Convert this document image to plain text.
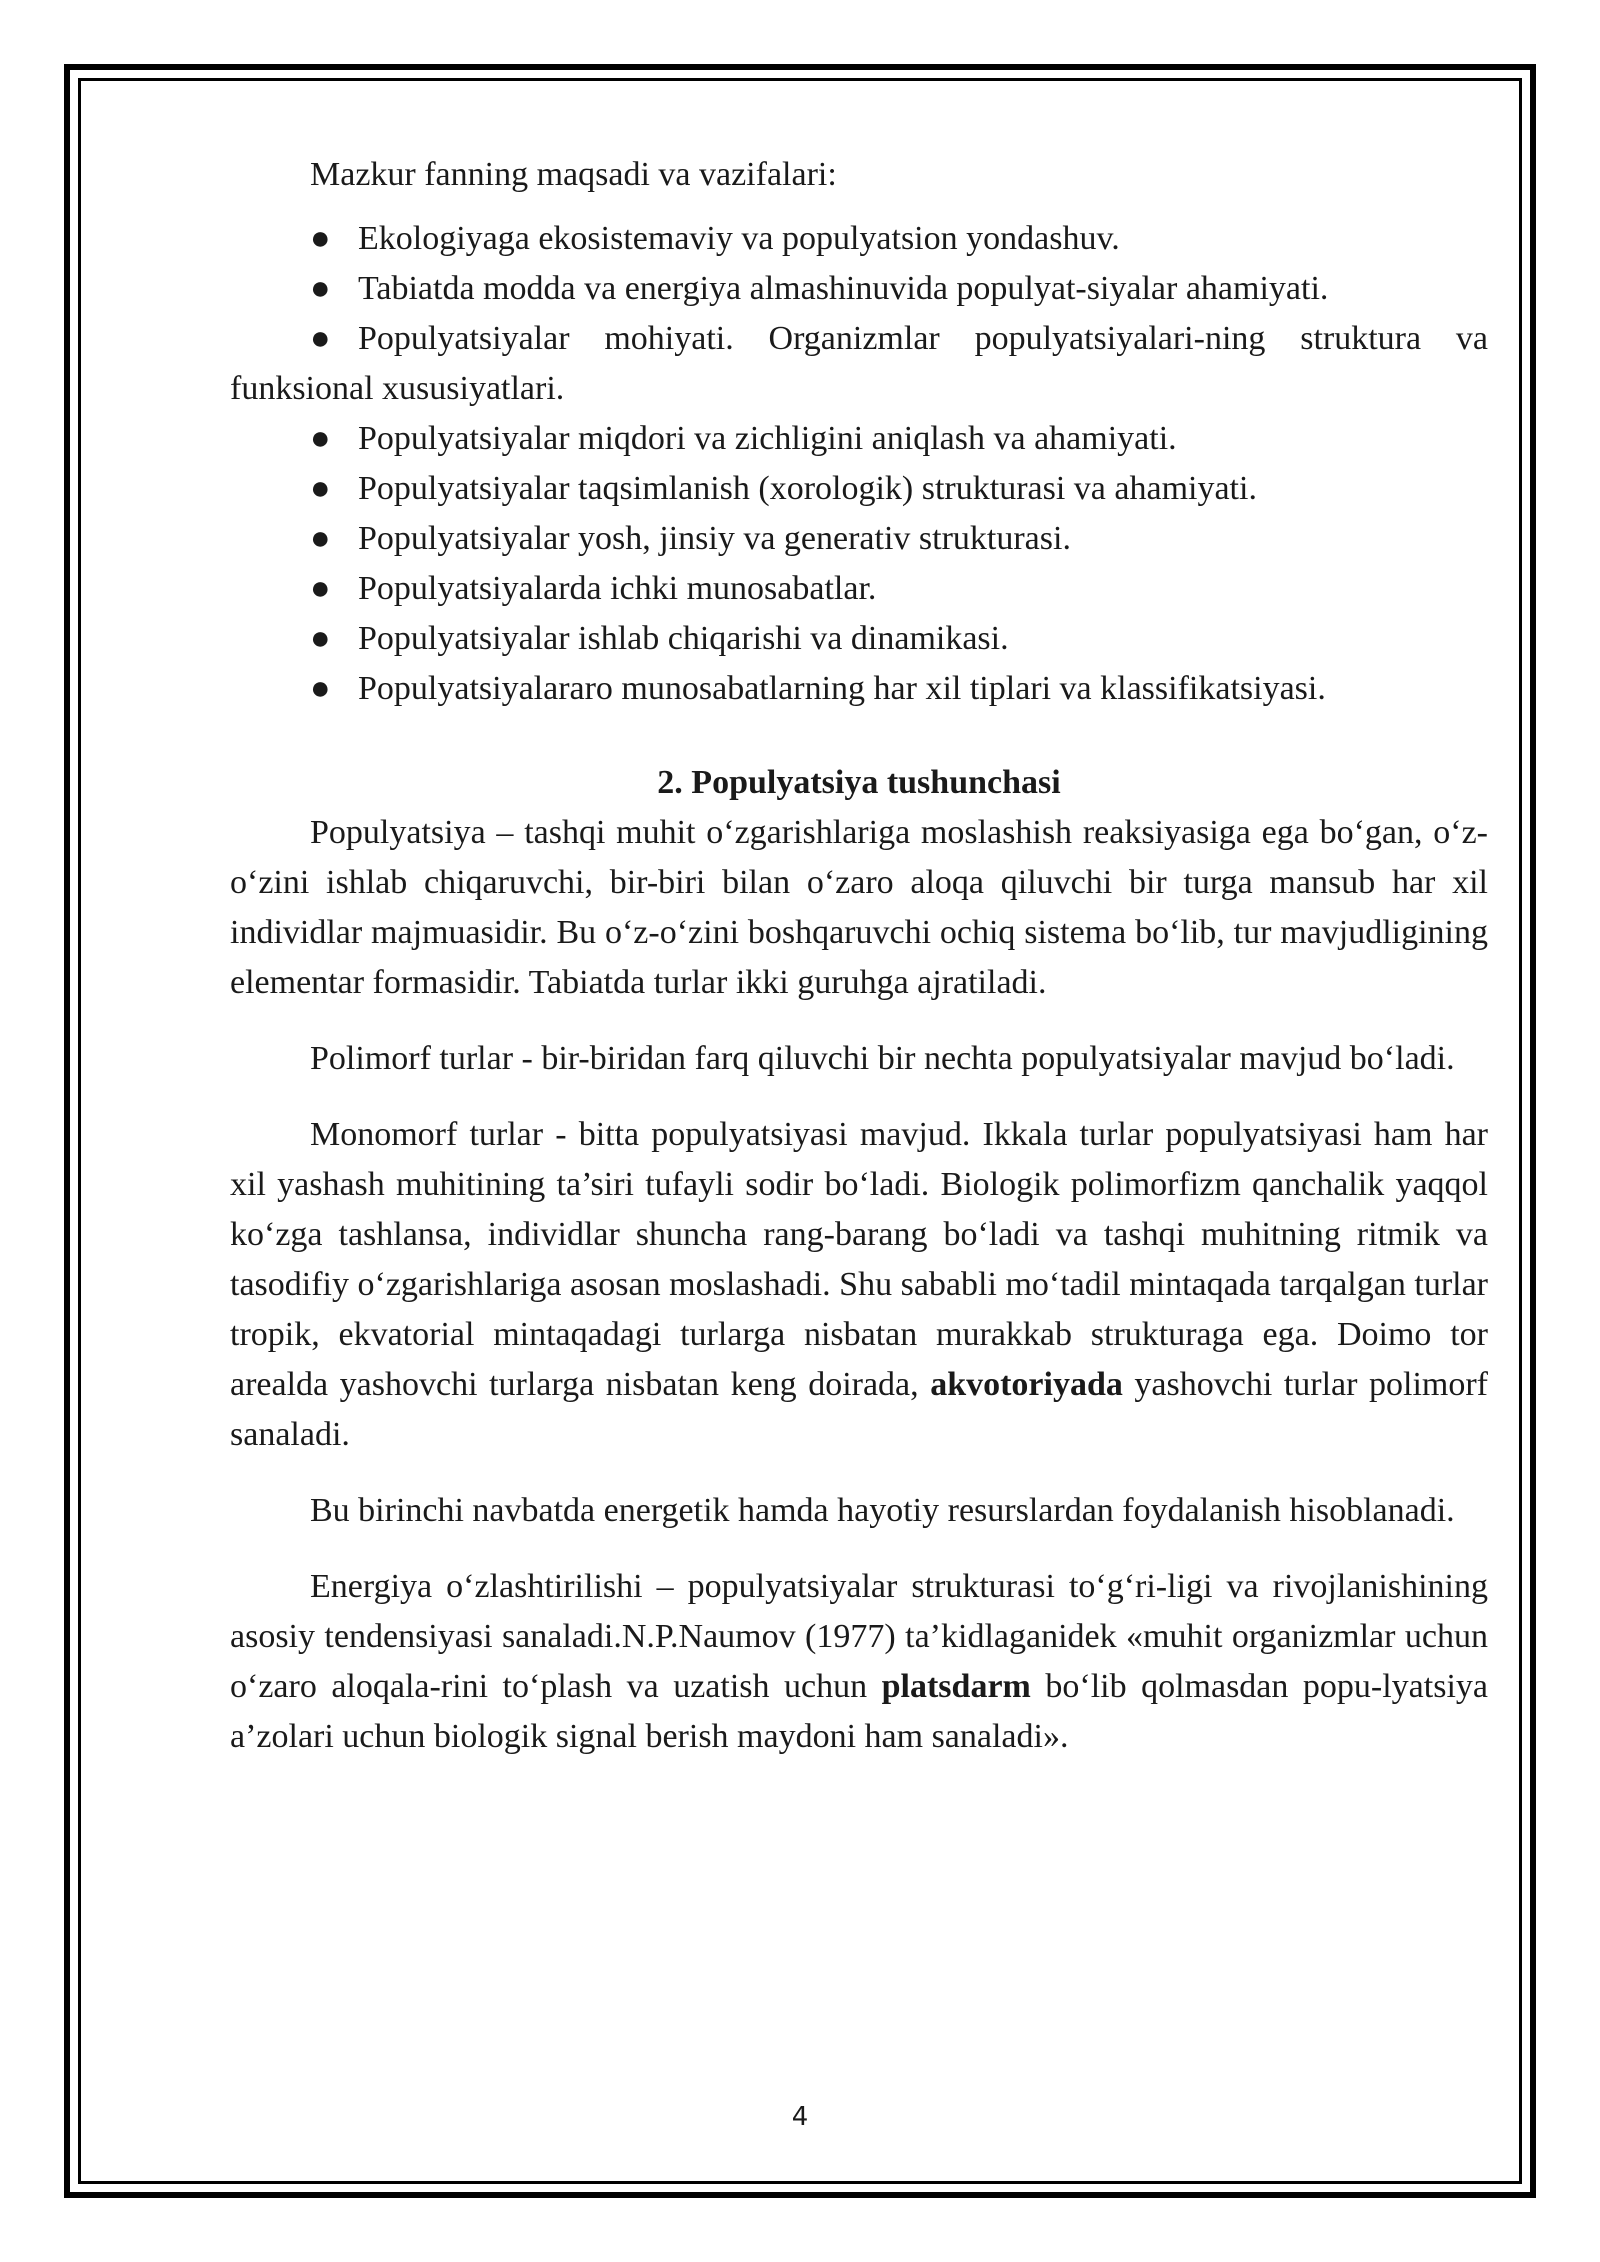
Mazkur fanning maqsadi va vazifalari:

● Ekologiyaga ekosistemaviy va populyatsion yondashuv.
● Tabiatda modda va energiya almashinuvida populyat-siyalar ahamiyati.
● Populyatsiyalar mohiyati. Organizmlar populyatsiyalari-ning struktura va funksional xususiyatlari.
● Populyatsiyalar miqdori va zichligini aniqlash va ahamiyati.
● Populyatsiyalar taqsimlanish (xorologik) strukturasi va ahamiyati.
● Populyatsiyalar yosh, jinsiy va generativ strukturasi.
● Populyatsiyalarda ichki munosabatlar.
● Populyatsiyalar ishlab chiqarishi va dinamikasi.
● Populyatsiyalararo munosabatlarning har xil tiplari va klassifikatsiyasi.
2. Populyatsiya tushunchasi

Populyatsiya – tashqi muhit o‘zgarishlariga moslashish reaksiyasiga ega bo‘gan, o‘z-o‘zini ishlab chiqaruvchi, bir-biri bilan o‘zaro aloqa qiluvchi bir turga mansub har xil individlar majmuasidir. Bu o‘z-o‘zini boshqaruvchi ochiq sistema bo‘lib, tur mavjudligining elementar formasidir. Tabiatda turlar ikki guruhga ajratiladi.

Polimorf turlar - bir-biridan farq qiluvchi bir nechta populyatsiyalar mavjud bo‘ladi.

Monomorf turlar - bitta populyatsiyasi mavjud. Ikkala turlar populyatsiyasi ham har xil yashash muhitining ta’siri tufayli sodir bo‘ladi. Biologik polimorfizm qanchalik yaqqol ko‘zga tashlansa, individlar shuncha rang-barang bo‘ladi va tashqi muhitning ritmik va tasodifiy o‘zgarishlariga asosan moslashadi. Shu sababli mo‘tadil mintaqada tarqalgan turlar tropik, ekvatorial mintaqadagi turlarga nisbatan murakkab strukturaga ega. Doimo tor arealda yashovchi turlarga nisbatan keng doirada, akvotoriyada yashovchi turlar polimorf sanaladi.

Bu birinchi navbatda energetik hamda hayotiy resurslardan foydalanish hisoblanadi.

Energiya o‘zlashtirilishi – populyatsiyalar strukturasi to‘g‘ri-ligi va rivojlanishining asosiy tendensiyasi sanaladi.N.P.Naumov (1977) ta’kidlaganidek «muhit organizmlar uchun o‘zaro aloqala-rini to‘plash va uzatish uchun platsdarm bo‘lib qolmasdan popu-lyatsiya a’zolari uchun biologik signal berish maydoni ham sanaladi».

4
